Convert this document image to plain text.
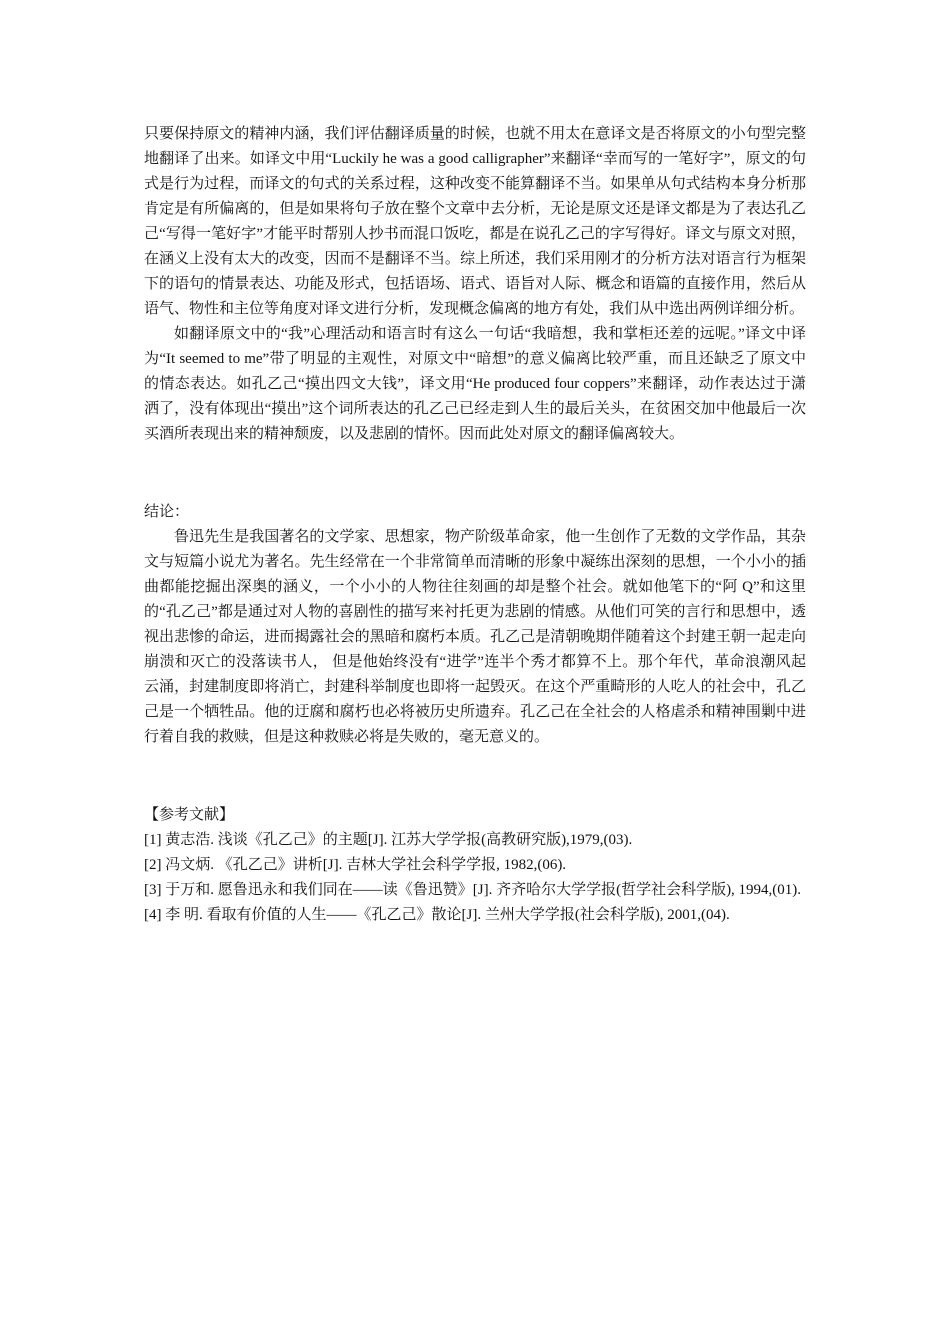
只要保持原文的精神内涵，我们评估翻译质量的时候，也就不用太在意译文是否将原文的小句型完整地翻译了出来。如译文中用“Luckily he was a good calligrapher”来翻译“幸而写的一笔好字”，原文的句式是行为过程，而译文的句式的关系过程，这种改变不能算翻译不当。如果单从句式结构本身分析那肯定是有所偏离的，但是如果将句子放在整个文章中去分析，无论是原文还是译文都是为了表达孔乙己“写得一笔好字”才能平时帮别人抄书而混口饭吃，都是在说孔乙己的字写得好。译文与原文对照，在涵义上没有太大的改变，因而不是翻译不当。综上所述，我们采用刚才的分析方法对语言行为框架下的语句的情景表达、功能及形式，包括语场、语式、语旨对人际、概念和语篇的直接作用，然后从语气、物性和主位等角度对译文进行分析，发现概念偏离的地方有处，我们从中选出两例详细分析。

如翻译原文中的“我”心理活动和语言时有这么一句话“我暗想，我和掌柜还差的远呢。”译文中译为“It seemed to me”带了明显的主观性，对原文中“暗想”的意义偏离比较严重，而且还缺乏了原文中的情态表达。如孔乙己“摸出四文大钱”，译文用“He produced four coppers”来翻译，动作表达过于潇洒了，没有体现出“摸出”这个词所表达的孔乙己已经走到人生的最后关头，在贫困交加中他最后一次买酒所表现出来的精神颓废，以及悲剧的情怀。因而此处对原文的翻译偏离较大。

结论：

鲁迅先生是我国著名的文学家、思想家，物产阶级革命家，他一生创作了无数的文学作品，其杂文与短篇小说尤为著名。先生经常在一个非常简单而清晰的形象中凝练出深刻的思想，一个小小的插曲都能挖掘出深奥的涵义，一个小小的人物往往刻画的却是整个社会。就如他笔下的“阿 Q”和这里的“孔乙己”都是通过对人物的喜剧性的描写来衬托更为悲剧的情感。从他们可笑的言行和思想中，透视出悲惨的命运，进而揭露社会的黑暗和腐朽本质。孔乙己是清朝晚期伴随着这个封建王朝一起走向崩溃和灭亡的没落读书人， 但是他始终没有“进学”连半个秀才都算不上。那个年代，革命浪潮风起云涌，封建制度即将消亡，封建科举制度也即将一起毁灭。在这个严重畸形的人吃人的社会中，孔乙己是一个牺牲品。他的迂腐和腐朽也必将被历史所遗弃。孔乙己在全社会的人格虐杀和精神围剿中进行着自我的救赎，但是这种救赎必将是失败的，毫无意义的。

【参考文献】

[1] 黄志浩. 浅谈《孔乙己》的主题[J]. 江苏大学学报(高教研究版),1979,(03).

[2] 冯文炳. 《孔乙己》讲析[J]. 吉林大学社会科学学报, 1982,(06).

[3] 于万和. 愿鲁迅永和我们同在——读《鲁迅赞》[J]. 齐齐哈尔大学学报(哲学社会科学版), 1994,(01).

[4] 李 明. 看取有价值的人生——《孔乙己》散论[J]. 兰州大学学报(社会科学版), 2001,(04).
